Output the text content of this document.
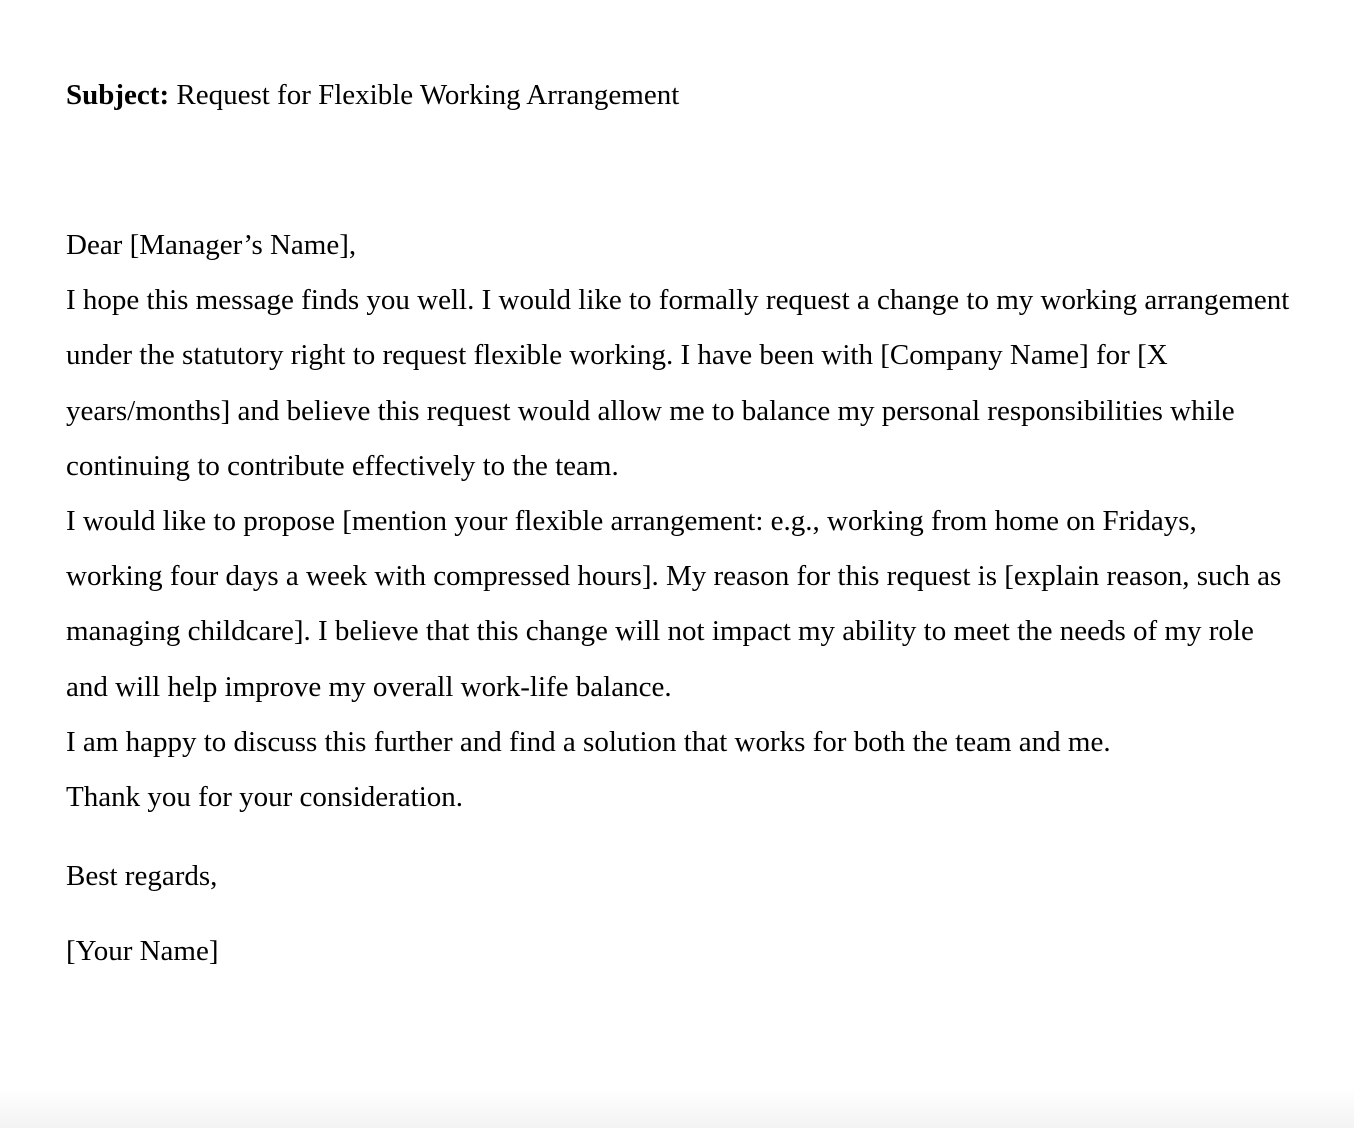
Subject: Request for Flexible Working Arrangement

Dear [Manager’s Name],

I hope this message finds you well. I would like to formally request a change to my working arrangement under the statutory right to request flexible working. I have been with [Company Name] for [X years/months] and believe this request would allow me to balance my personal responsibilities while continuing to contribute effectively to the team.

I would like to propose [mention your flexible arrangement: e.g., working from home on Fridays, working four days a week with compressed hours]. My reason for this request is [explain reason, such as managing childcare]. I believe that this change will not impact my ability to meet the needs of my role and will help improve my overall work-life balance.

I am happy to discuss this further and find a solution that works for both the team and me.

Thank you for your consideration.

Best regards,
[Your Name]
